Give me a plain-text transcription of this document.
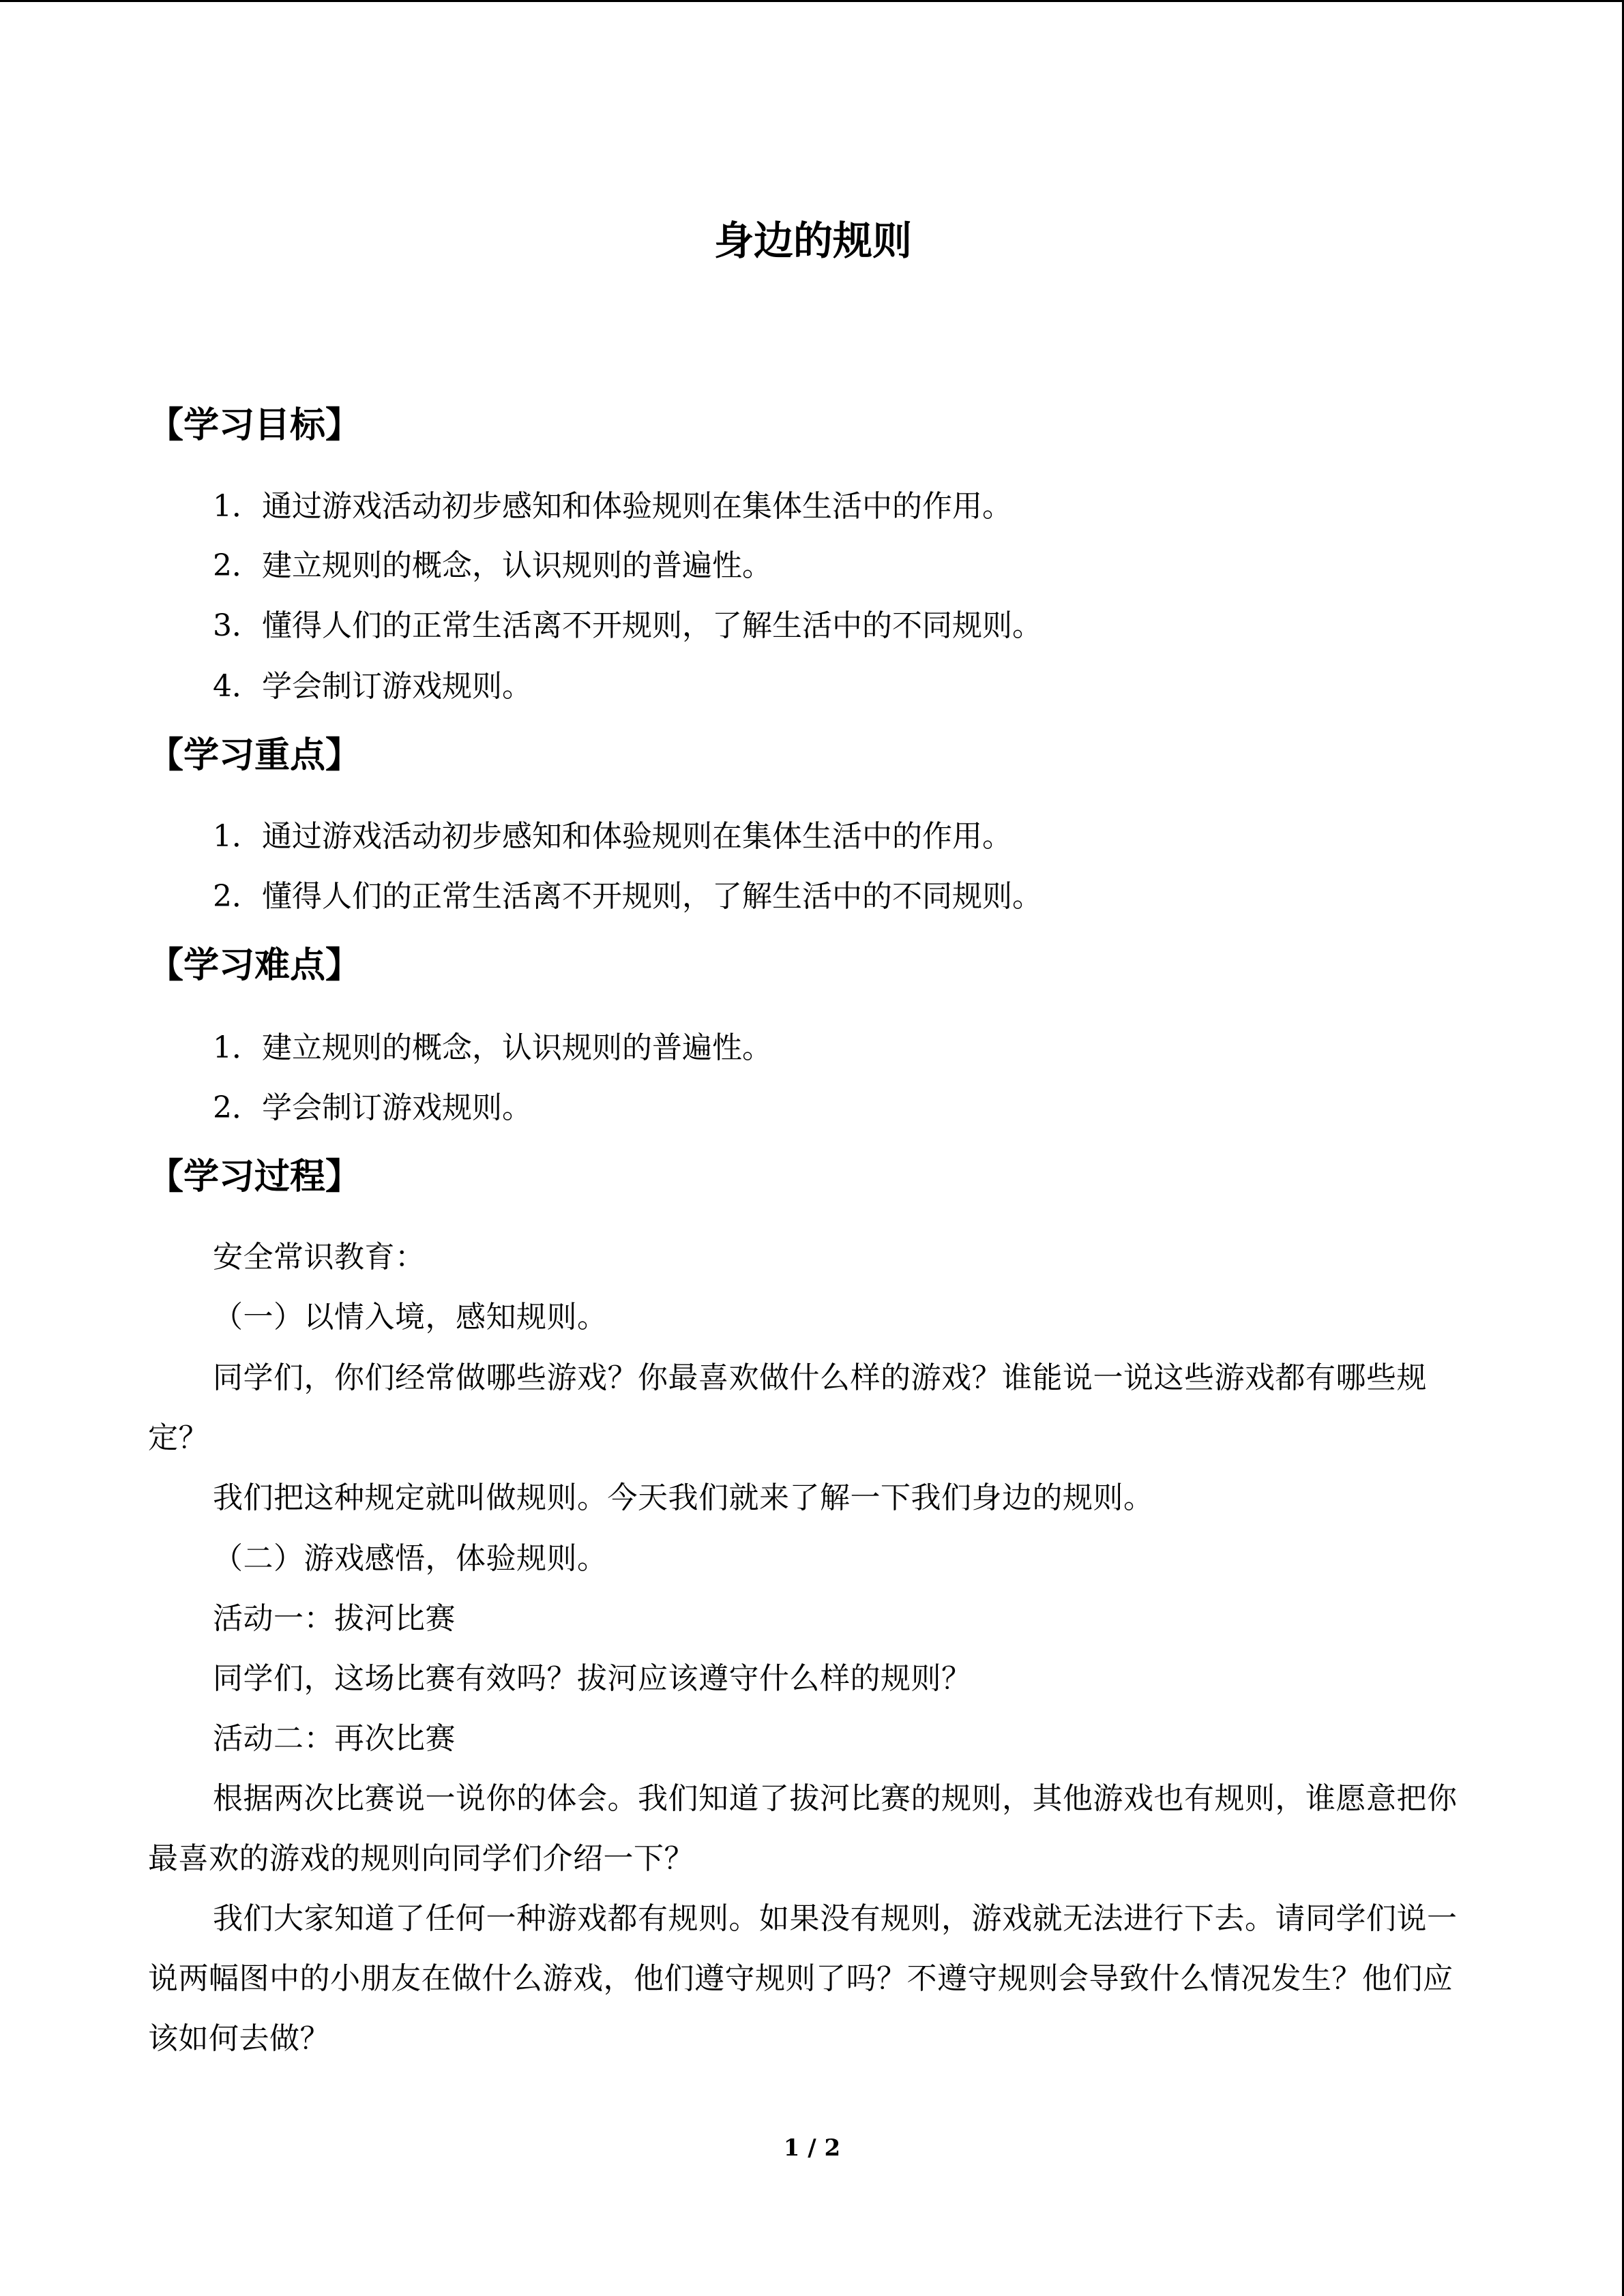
身边的规则
【学习目标】
1．通过游戏活动初步感知和体验规则在集体生活中的作用。
2．建立规则的概念，认识规则的普遍性。
3．懂得人们的正常生活离不开规则，了解生活中的不同规则。
4．学会制订游戏规则。
【学习重点】
1．通过游戏活动初步感知和体验规则在集体生活中的作用。
2．懂得人们的正常生活离不开规则，了解生活中的不同规则。
【学习难点】
1．建立规则的概念，认识规则的普遍性。
2．学会制订游戏规则。
【学习过程】
安全常识教育：
（一）以情入境，感知规则。
同学们，你们经常做哪些游戏？你最喜欢做什么样的游戏？谁能说一说这些游戏都有哪些规定？
我们把这种规定就叫做规则。今天我们就来了解一下我们身边的规则。
（二）游戏感悟，体验规则。
活动一：拔河比赛
同学们，这场比赛有效吗？拔河应该遵守什么样的规则？
活动二：再次比赛
根据两次比赛说一说你的体会。我们知道了拔河比赛的规则，其他游戏也有规则，谁愿意把你最喜欢的游戏的规则向同学们介绍一下？
我们大家知道了任何一种游戏都有规则。如果没有规则，游戏就无法进行下去。请同学们说一说两幅图中的小朋友在做什么游戏，他们遵守规则了吗？不遵守规则会导致什么情况发生？他们应该如何去做？
1 / 2
